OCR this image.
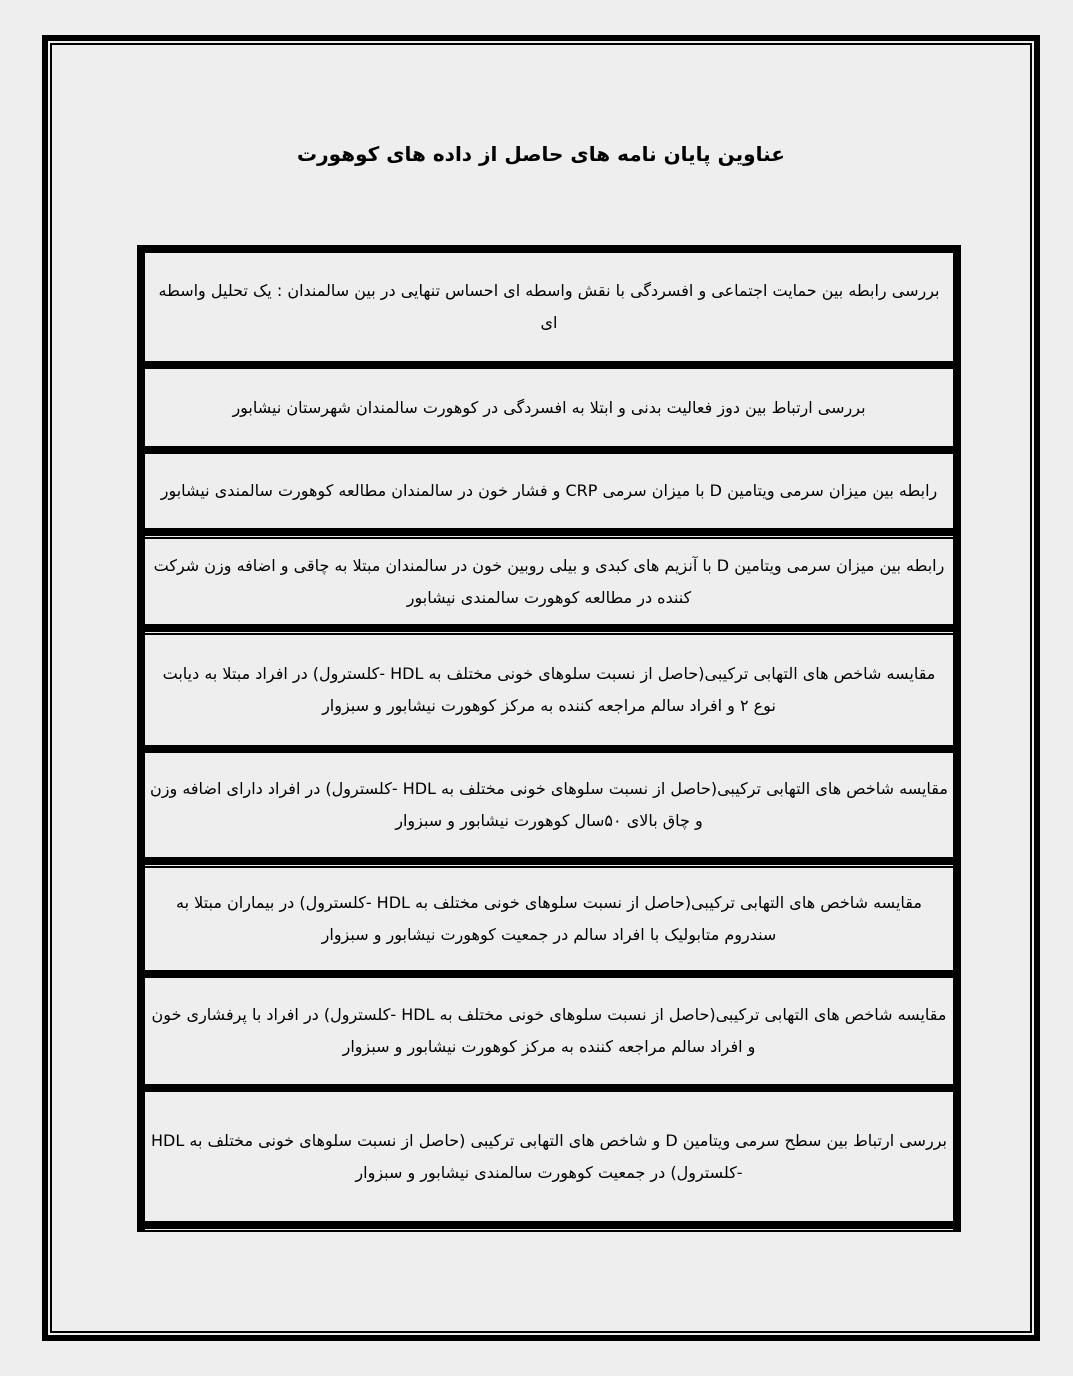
عناوین پایان نامه های حاصل از داده های کوهورت
بررسی رابطه بین حمایت اجتماعی و افسردگی با نقش واسطه ای احساس تنهایی در بین سالمندان : یک تحلیل واسطه ای
بررسی ارتباط بین دوز فعالیت بدنی و ابتلا به افسردگی در کوهورت سالمندان شهرستان نیشابور
رابطه بین میزان سرمی ویتامین D با میزان سرمی CRP و فشار خون در سالمندان مطالعه کوهورت سالمندی نیشابور
رابطه بین میزان سرمی ویتامین D با آنزیم های کبدی و بیلی روبین خون در سالمندان مبتلا به چاقی و اضافه وزن شرکت کننده در مطالعه کوهورت سالمندی نیشابور
مقایسه شاخص های التهابی ترکیبی(حاصل از نسبت سلوهای خونی مختلف به HDL -کلسترول) در افراد مبتلا به دیابت نوع ۲ و افراد سالم مراجعه کننده به مرکز کوهورت نیشابور و سبزوار
مقایسه شاخص های التهابی ترکیبی(حاصل از نسبت سلوهای خونی مختلف به HDL -کلسترول) در افراد دارای اضافه وزن و چاق بالای ۵۰سال کوهورت نیشابور و سبزوار
مقایسه شاخص های التهابی ترکیبی(حاصل از نسبت سلوهای خونی مختلف به HDL -کلسترول) در بیماران مبتلا به سندروم متابولیک با افراد سالم در جمعیت کوهورت نیشابور و سبزوار
مقایسه شاخص های التهابی ترکیبی(حاصل از نسبت سلوهای خونی مختلف به HDL -کلسترول) در افراد با پرفشاری خون و افراد سالم مراجعه کننده به مرکز کوهورت نیشابور و سبزوار
بررسی ارتباط بین سطح سرمی ویتامین D و شاخص های التهابی ترکیبی (حاصل از نسبت سلوهای خونی مختلف به HDL -کلسترول) در جمعیت کوهورت سالمندی نیشابور و سبزوار
